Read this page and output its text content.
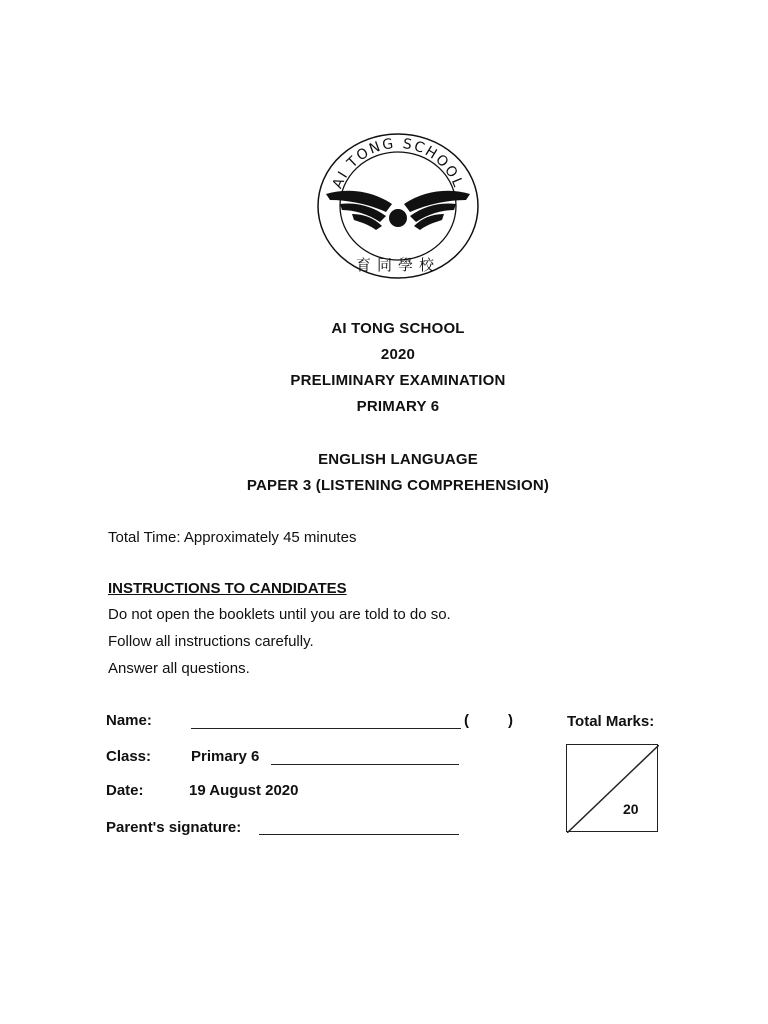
AI TONG SCHOOL
育同學校
AI TONG SCHOOL
2020
PRELIMINARY EXAMINATION
PRIMARY 6
ENGLISH LANGUAGE
PAPER 3 (LISTENING COMPREHENSION)
Total Time: Approximately 45 minutes
INSTRUCTIONS TO CANDIDATES
Do not open the booklets until you are told to do so.
Follow all instructions carefully.
Answer all questions.
Name:	(	)
Class:	Primary 6
Date:	19 August 2020
Parent's signature:
Total Marks:
20
